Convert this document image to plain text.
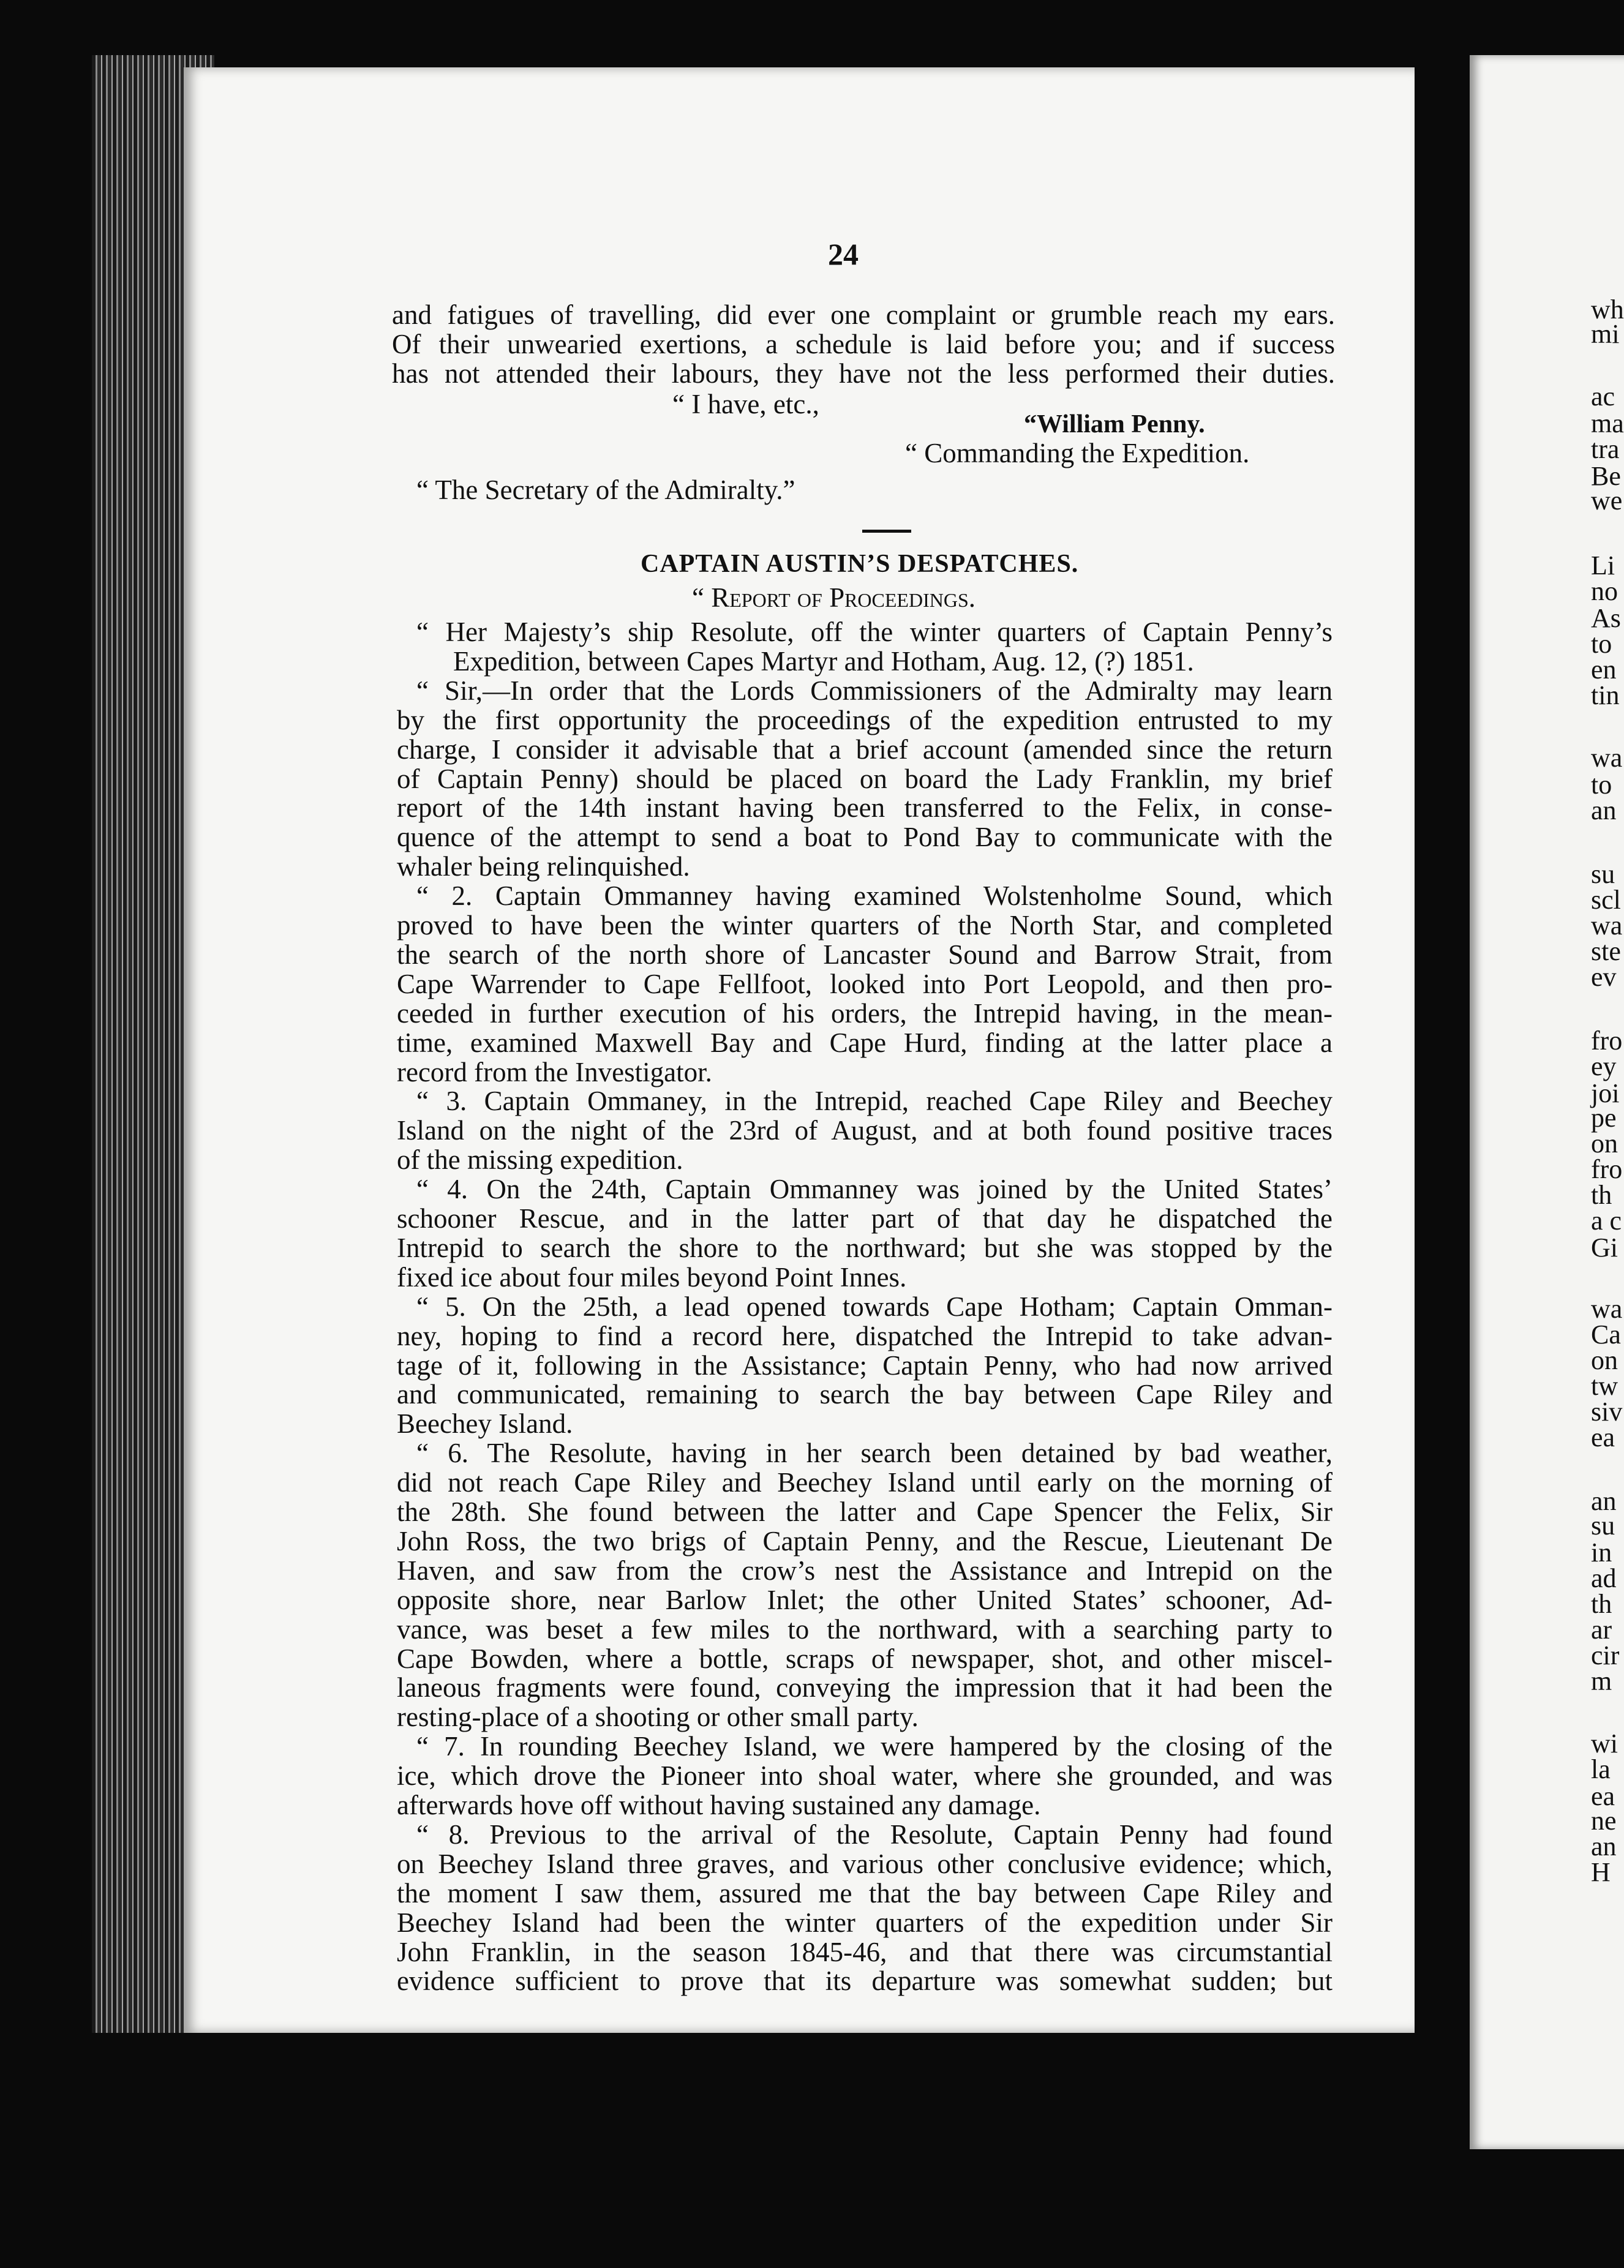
24
and fatigues of travelling, did ever one complaint or grumble reach my ears.
Of their unwearied exertions, a schedule is laid before you; and if success
has not attended their labours, they have not the less performed their duties.
“ I have, etc.,
“William Penny.
“ Commanding the Expedition.
“ The Secretary of the Admiralty.”
CAPTAIN AUSTIN’S DESPATCHES.
“ Report of Proceedings.
“ Her Majesty’s ship Resolute, off the winter quarters of Captain Penny’s
Expedition, between Capes Martyr and Hotham, Aug. 12, (?) 1851.
“ Sir,—In order that the Lords Commissioners of the Admiralty may learn
by the first opportunity the proceedings of the expedition entrusted to my
charge, I consider it advisable that a brief account (amended since the return
of Captain Penny) should be placed on board the Lady Franklin, my brief
report of the 14th instant having been transferred to the Felix, in conse-
quence of the attempt to send a boat to Pond Bay to communicate with the
whaler being relinquished.
“ 2. Captain Ommanney having examined Wolstenholme Sound, which
proved to have been the winter quarters of the North Star, and completed
the search of the north shore of Lancaster Sound and Barrow Strait, from
Cape Warrender to Cape Fellfoot, looked into Port Leopold, and then pro-
ceeded in further execution of his orders, the Intrepid having, in the mean-
time, examined Maxwell Bay and Cape Hurd, finding at the latter place a
record from the Investigator.
“ 3. Captain Ommaney, in the Intrepid, reached Cape Riley and Beechey
Island on the night of the 23rd of August, and at both found positive traces
of the missing expedition.
“ 4. On the 24th, Captain Ommanney was joined by the United States’
schooner Rescue, and in the latter part of that day he dispatched the
Intrepid to search the shore to the northward; but she was stopped by the
fixed ice about four miles beyond Point Innes.
“ 5. On the 25th, a lead opened towards Cape Hotham; Captain Omman-
ney, hoping to find a record here, dispatched the Intrepid to take advan-
tage of it, following in the Assistance; Captain Penny, who had now arrived
and communicated, remaining to search the bay between Cape Riley and
Beechey Island.
“ 6. The Resolute, having in her search been detained by bad weather,
did not reach Cape Riley and Beechey Island until early on the morning of
the 28th. She found between the latter and Cape Spencer the Felix, Sir
John Ross, the two brigs of Captain Penny, and the Rescue, Lieutenant De
Haven, and saw from the crow’s nest the Assistance and Intrepid on the
opposite shore, near Barlow Inlet; the other United States’ schooner, Ad-
vance, was beset a few miles to the northward, with a searching party to
Cape Bowden, where a bottle, scraps of newspaper, shot, and other miscel-
laneous fragments were found, conveying the impression that it had been the
resting-place of a shooting or other small party.
“ 7. In rounding Beechey Island, we were hampered by the closing of the
ice, which drove the Pioneer into shoal water, where she grounded, and was
afterwards hove off without having sustained any damage.
“ 8. Previous to the arrival of the Resolute, Captain Penny had found
on Beechey Island three graves, and various other conclusive evidence; which,
the moment I saw them, assured me that the bay between Cape Riley and
Beechey Island had been the winter quarters of the expedition under Sir
John Franklin, in the season 1845-46, and that there was circumstantial
evidence sufficient to prove that its departure was somewhat sudden; but
wh
mi
ac
ma
tra
Be
we
Li
no
As
to
en
tin
wa
to
an
su
scl
wa
ste
ev
fro
ey
joi
pe
on
fro
th
a c
Gi
wa
Ca
on
tw
siv
ea
an
su
in
ad
th
ar
cir
m
wi
la
ea
ne
an
H
